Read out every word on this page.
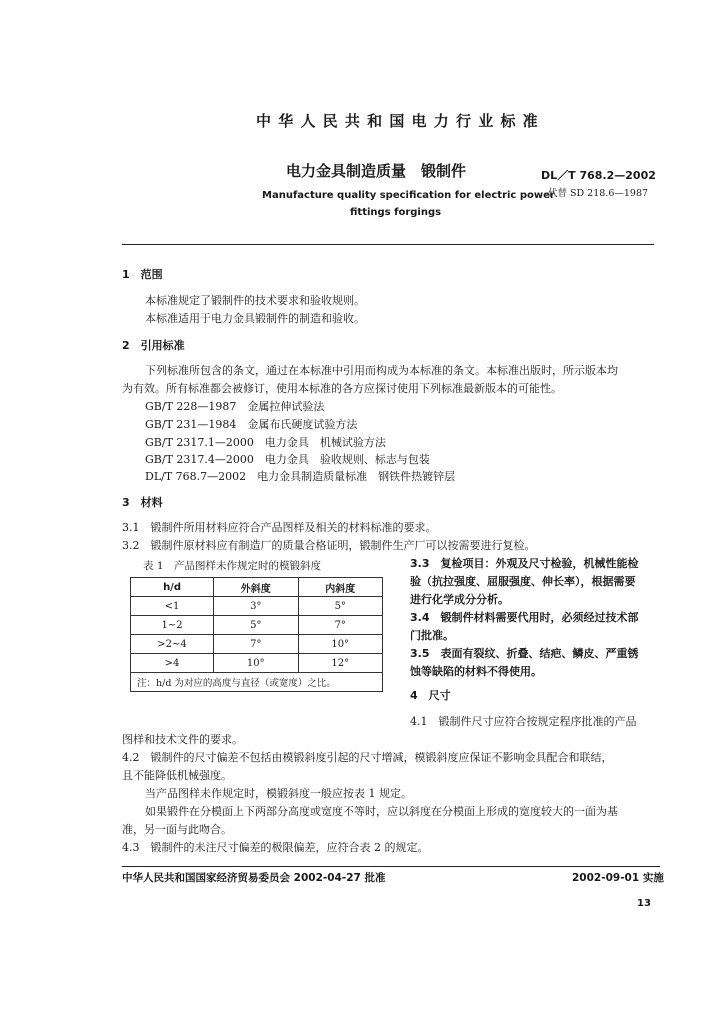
中 华 人 民 共 和 国 电 力 行 业 标 准
电力金具制造质量　锻制件	DL／T 768.2—2002
代替 SD 218.6—1987
Manufacture quality specification for electric power
fittings forgings
1　范围
本标准规定了锻制件的技术要求和验收规则。
本标准适用于电力金具锻制件的制造和验收。
2　引用标准
下列标准所包含的条文，通过在本标准中引用而构成为本标准的条文。本标准出版时，所示版本均
为有效。所有标准都会被修订，使用本标准的各方应探讨使用下列标准最新版本的可能性。
GB/T 228—1987　金属拉伸试验法
GB/T 231—1984　金属布氏硬度试验方法
GB/T 2317.1—2000　电力金具　机械试验方法
GB/T 2317.4—2000　电力金具　验收规则、标志与包装
DL/T 768.7—2002　电力金具制造质量标准　钢铁件热镀锌层
3　材料
3.1　锻制件所用材料应符合产品图样及相关的材料标准的要求。
3.2　锻制件原材料应有制造厂的质量合格证明，锻制件生产厂可以按需要进行复检。
表 1　产品图样未作规定时的模锻斜度
h/d	外斜度	内斜度
<1	3°	5°
1~2	5°	7°
>2~4	7°	10°
>4	10°	12°
注：h/d 为对应的高度与直径（或宽度）之比。		
3.3　复检项目：外观及尺寸检验，机械性能检
验（抗拉强度、屈服强度、伸长率），根据需要
进行化学成分分析。
3.4　锻制件材料需要代用时，必须经过技术部
门批准。
3.5　表面有裂纹、折叠、结疤、鳞皮、严重锈
蚀等缺陷的材料不得使用。
4　尺寸
4.1　锻制件尺寸应符合按规定程序批准的产品
图样和技术文件的要求。
4.2　锻制件的尺寸偏差不包括由模锻斜度引起的尺寸增减，模锻斜度应保证不影响金具配合和联结，
且不能降低机械强度。
当产品图样未作规定时，模锻斜度一般应按表 1 规定。
如果锻件在分模面上下两部分高度或宽度不等时，应以斜度在分模面上形成的宽度较大的一面为基
准，另一面与此吻合。
4.3　锻制件的未注尺寸偏差的极限偏差，应符合表 2 的规定。
中华人民共和国国家经济贸易委员会 2002-04-27 批准	2002-09-01 实施
13
